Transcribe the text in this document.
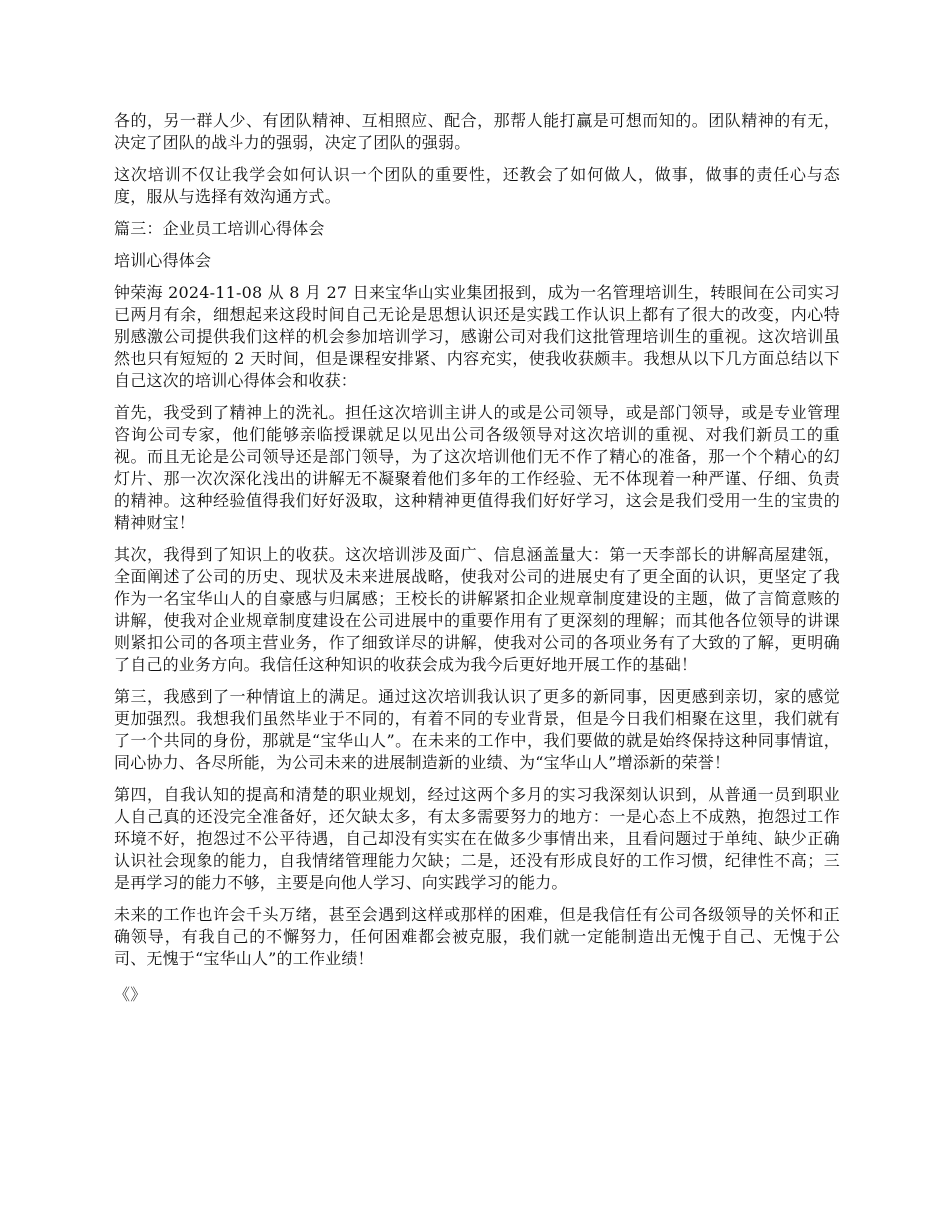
各的，另一群人少、有团队精神、互相照应、配合，那帮人能打赢是可想而知的。团队精神的有无，决定了团队的战斗力的强弱，决定了团队的强弱。

这次培训不仅让我学会如何认识一个团队的重要性，还教会了如何做人，做事，做事的责任心与态度，服从与选择有效沟通方式。

篇三：企业员工培训心得体会

培训心得体会

钟荣海 2024-11-08 从 8 月 27 日来宝华山实业集团报到，成为一名管理培训生，转眼间在公司实习已两月有余，细想起来这段时间自己无论是思想认识还是实践工作认识上都有了很大的改变，内心特别感激公司提供我们这样的机会参加培训学习，感谢公司对我们这批管理培训生的重视。这次培训虽然也只有短短的 2 天时间，但是课程安排紧、内容充实，使我收获颇丰。我想从以下几方面总结以下自己这次的培训心得体会和收获：

首先，我受到了精神上的洗礼。担任这次培训主讲人的或是公司领导，或是部门领导，或是专业管理咨询公司专家，他们能够亲临授课就足以见出公司各级领导对这次培训的重视、对我们新员工的重视。而且无论是公司领导还是部门领导，为了这次培训他们无不作了精心的准备，那一个个精心的幻灯片、那一次次深化浅出的讲解无不凝聚着他们多年的工作经验、无不体现着一种严谨、仔细、负责的精神。这种经验值得我们好好汲取，这种精神更值得我们好好学习，这会是我们受用一生的宝贵的精神财宝！

其次，我得到了知识上的收获。这次培训涉及面广、信息涵盖量大：第一天李部长的讲解高屋建瓴，全面阐述了公司的历史、现状及未来进展战略，使我对公司的进展史有了更全面的认识，更坚定了我作为一名宝华山人的自豪感与归属感；王校长的讲解紧扣企业规章制度建设的主题，做了言简意赅的讲解，使我对企业规章制度建设在公司进展中的重要作用有了更深刻的理解；而其他各位领导的讲课则紧扣公司的各项主营业务，作了细致详尽的讲解，使我对公司的各项业务有了大致的了解，更明确了自己的业务方向。我信任这种知识的收获会成为我今后更好地开展工作的基础！

第三，我感到了一种情谊上的满足。通过这次培训我认识了更多的新同事，因更感到亲切，家的感觉更加强烈。我想我们虽然毕业于不同的，有着不同的专业背景，但是今日我们相聚在这里，我们就有了一个共同的身份，那就是“宝华山人”。在未来的工作中，我们要做的就是始终保持这种同事情谊，同心协力、各尽所能，为公司未来的进展制造新的业绩、为“宝华山人”增添新的荣誉！

第四，自我认知的提高和清楚的职业规划，经过这两个多月的实习我深刻认识到，从普通一员到职业人自己真的还没完全准备好，还欠缺太多，有太多需要努力的地方：一是心态上不成熟，抱怨过工作环境不好，抱怨过不公平待遇，自己却没有实实在在做多少事情出来，且看问题过于单纯、缺少正确认识社会现象的能力，自我情绪管理能力欠缺；二是，还没有形成良好的工作习惯，纪律性不高；三是再学习的能力不够，主要是向他人学习、向实践学习的能力。

未来的工作也许会千头万绪，甚至会遇到这样或那样的困难，但是我信任有公司各级领导的关怀和正确领导，有我自己的不懈努力，任何困难都会被克服，我们就一定能制造出无愧于自己、无愧于公司、无愧于“宝华山人”的工作业绩！

《》
